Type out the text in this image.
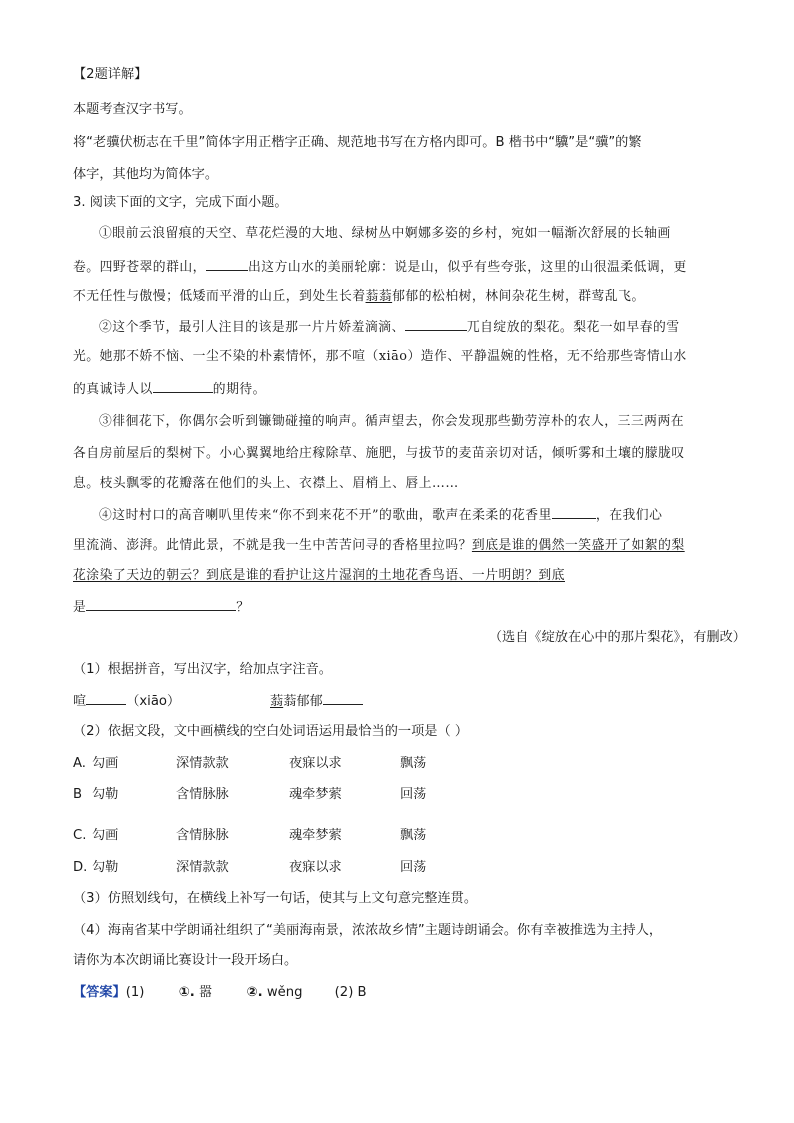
【2题详解】
本题考查汉字书写。
将“老骥伏枥志在千里”简体字用正楷字正确、规范地书写在方格内即可。B 楷书中“驥”是“骥”的繁
体字，其他均为简体字。
3. 阅读下面的文字，完成下面小题。
①眼前云浪留痕的天空、草花烂漫的大地、绿树丛中婀娜多姿的乡村，宛如一幅渐次舒展的长轴画
卷。四野苍翠的群山，	出这方山水的美丽轮廓：说是山，似乎有些夸张，这里的山很温柔低调，更
不无任性与傲慢；低矮而平滑的山丘，到处生长着蓊蓊郁郁的松柏树，林间杂花生树，群莺乱飞。
②这个季节，最引人注目的该是那一片片娇羞滴滴、	兀自绽放的梨花。梨花一如早春的雪
光。她那不娇不恼、一尘不染的朴素情怀，那不喧（xiāo）造作、平静温婉的性格，无不给那些寄情山水
的真诚诗人以	的期待。
③徘徊花下，你偶尔会听到镰锄碰撞的响声。循声望去，你会发现那些勤劳淳朴的农人，三三两两在
各自房前屋后的梨树下。小心翼翼地给庄稼除草、施肥，与拔节的麦苗亲切对话，倾听雾和土壤的朦胧叹
息。枝头飘零的花瓣落在他们的头上、衣襟上、眉梢上、唇上……
④这时村口的高音喇叭里传来“你不到来花不开”的歌曲，歌声在柔柔的花香里	，在我们心
里流淌、澎湃。此情此景，不就是我一生中苦苦问寻的香格里拉吗？到底是谁的偶然一笑盛开了如絮的梨
花涂染了天边的朝云？到底是谁的看护让这片湿润的土地花香鸟语、一片明朗？到底
是	？
（选自《绽放在心中的那片梨花》，有删改）
（1）根据拼音，写出汉字，给加点字注音。
喧	（xiāo）	蓊蓊郁郁
（2）依据文段，文中画横线的空白处词语运用最恰当的一项是（ ）
A. 勾画	深情款款	夜寐以求	飘荡
B 勾勒	含情脉脉	魂牵梦萦	回荡
C. 勾画	含情脉脉	魂牵梦萦	飘荡
D. 勾勒	深情款款	夜寐以求	回荡
（3）仿照划线句，在横线上补写一句话，使其与上文句意完整连贯。
（4）海南省某中学朗诵社组织了“美丽海南景，浓浓故乡情”主题诗朗诵会。你有幸被推选为主持人，
请你为本次朗诵比赛设计一段开场白。
【答案】(1)	①. 嚣	②. wěng (2) B
